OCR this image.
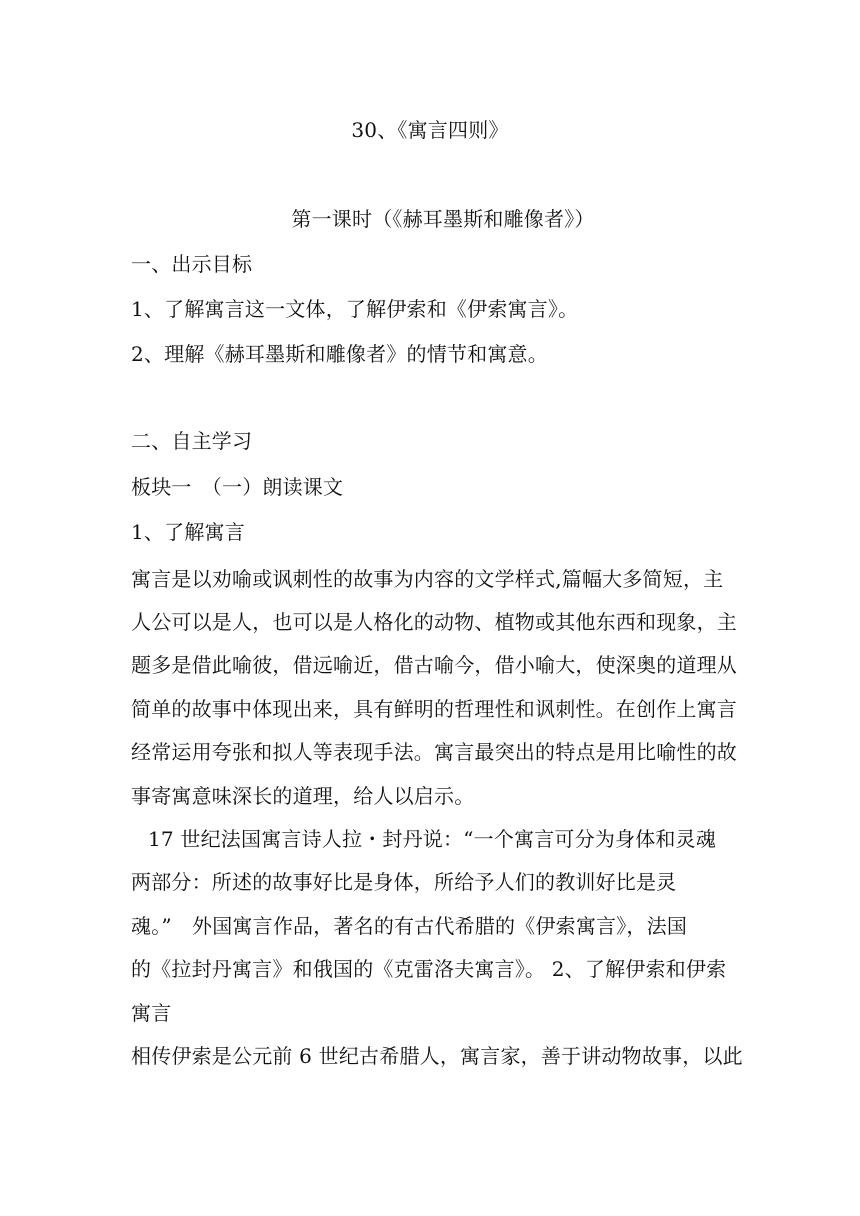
30、《寓言四则》
第一课时（《赫耳墨斯和雕像者》）
一、出示目标
1、了解寓言这一文体，了解伊索和《伊索寓言》。
2、理解《赫耳墨斯和雕像者》的情节和寓意。
二、自主学习
板块一　（一）朗读课文
1、了解寓言
寓言是以劝喻或讽刺性的故事为内容的文学样式,篇幅大多简短，主
人公可以是人，也可以是人格化的动物、植物或其他东西和现象，主
题多是借此喻彼，借远喻近，借古喻今，借小喻大，使深奥的道理从
简单的故事中体现出来，具有鲜明的哲理性和讽刺性。在创作上寓言
经常运用夸张和拟人等表现手法。寓言最突出的特点是用比喻性的故
事寄寓意味深长的道理，给人以启示。
17 世纪法国寓言诗人拉・封丹说：“一个寓言可分为身体和灵魂
两部分：所述的故事好比是身体，所给予人们的教训好比是灵
魂。”　外国寓言作品，著名的有古代希腊的《伊索寓言》，法国
的《拉封丹寓言》和俄国的《克雷洛夫寓言》。 2、了解伊索和伊索
寓言
相传伊索是公元前 6 世纪古希腊人，寓言家，善于讲动物故事，以此
